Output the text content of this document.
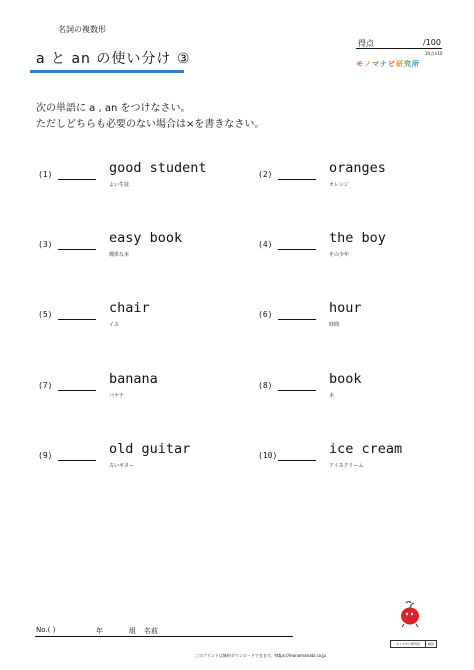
名詞の複数形
a と an の使い分け ③
得点	/100
10点×10
モノマナビ研究所
次の単語に a , an をつけなさい。
ただしどちらも必要のない場合は×を書きなさい。
(1)	good student
よい生徒
(2)	oranges
オレンジ
(3)	easy book
簡単な本
(4)	the boy
その少年
(5)	chair
イス
(6)	hour
時間
(7)	banana
バナナ
(8)	book
本
(9)	old guitar
古いギター
(10)	ice cream
アイスクリーム
No.( )	年	組 名前
モノマナビ研究所	解答
このプリントは無料ダウンロードできます。https://monomanabi.co.jp
